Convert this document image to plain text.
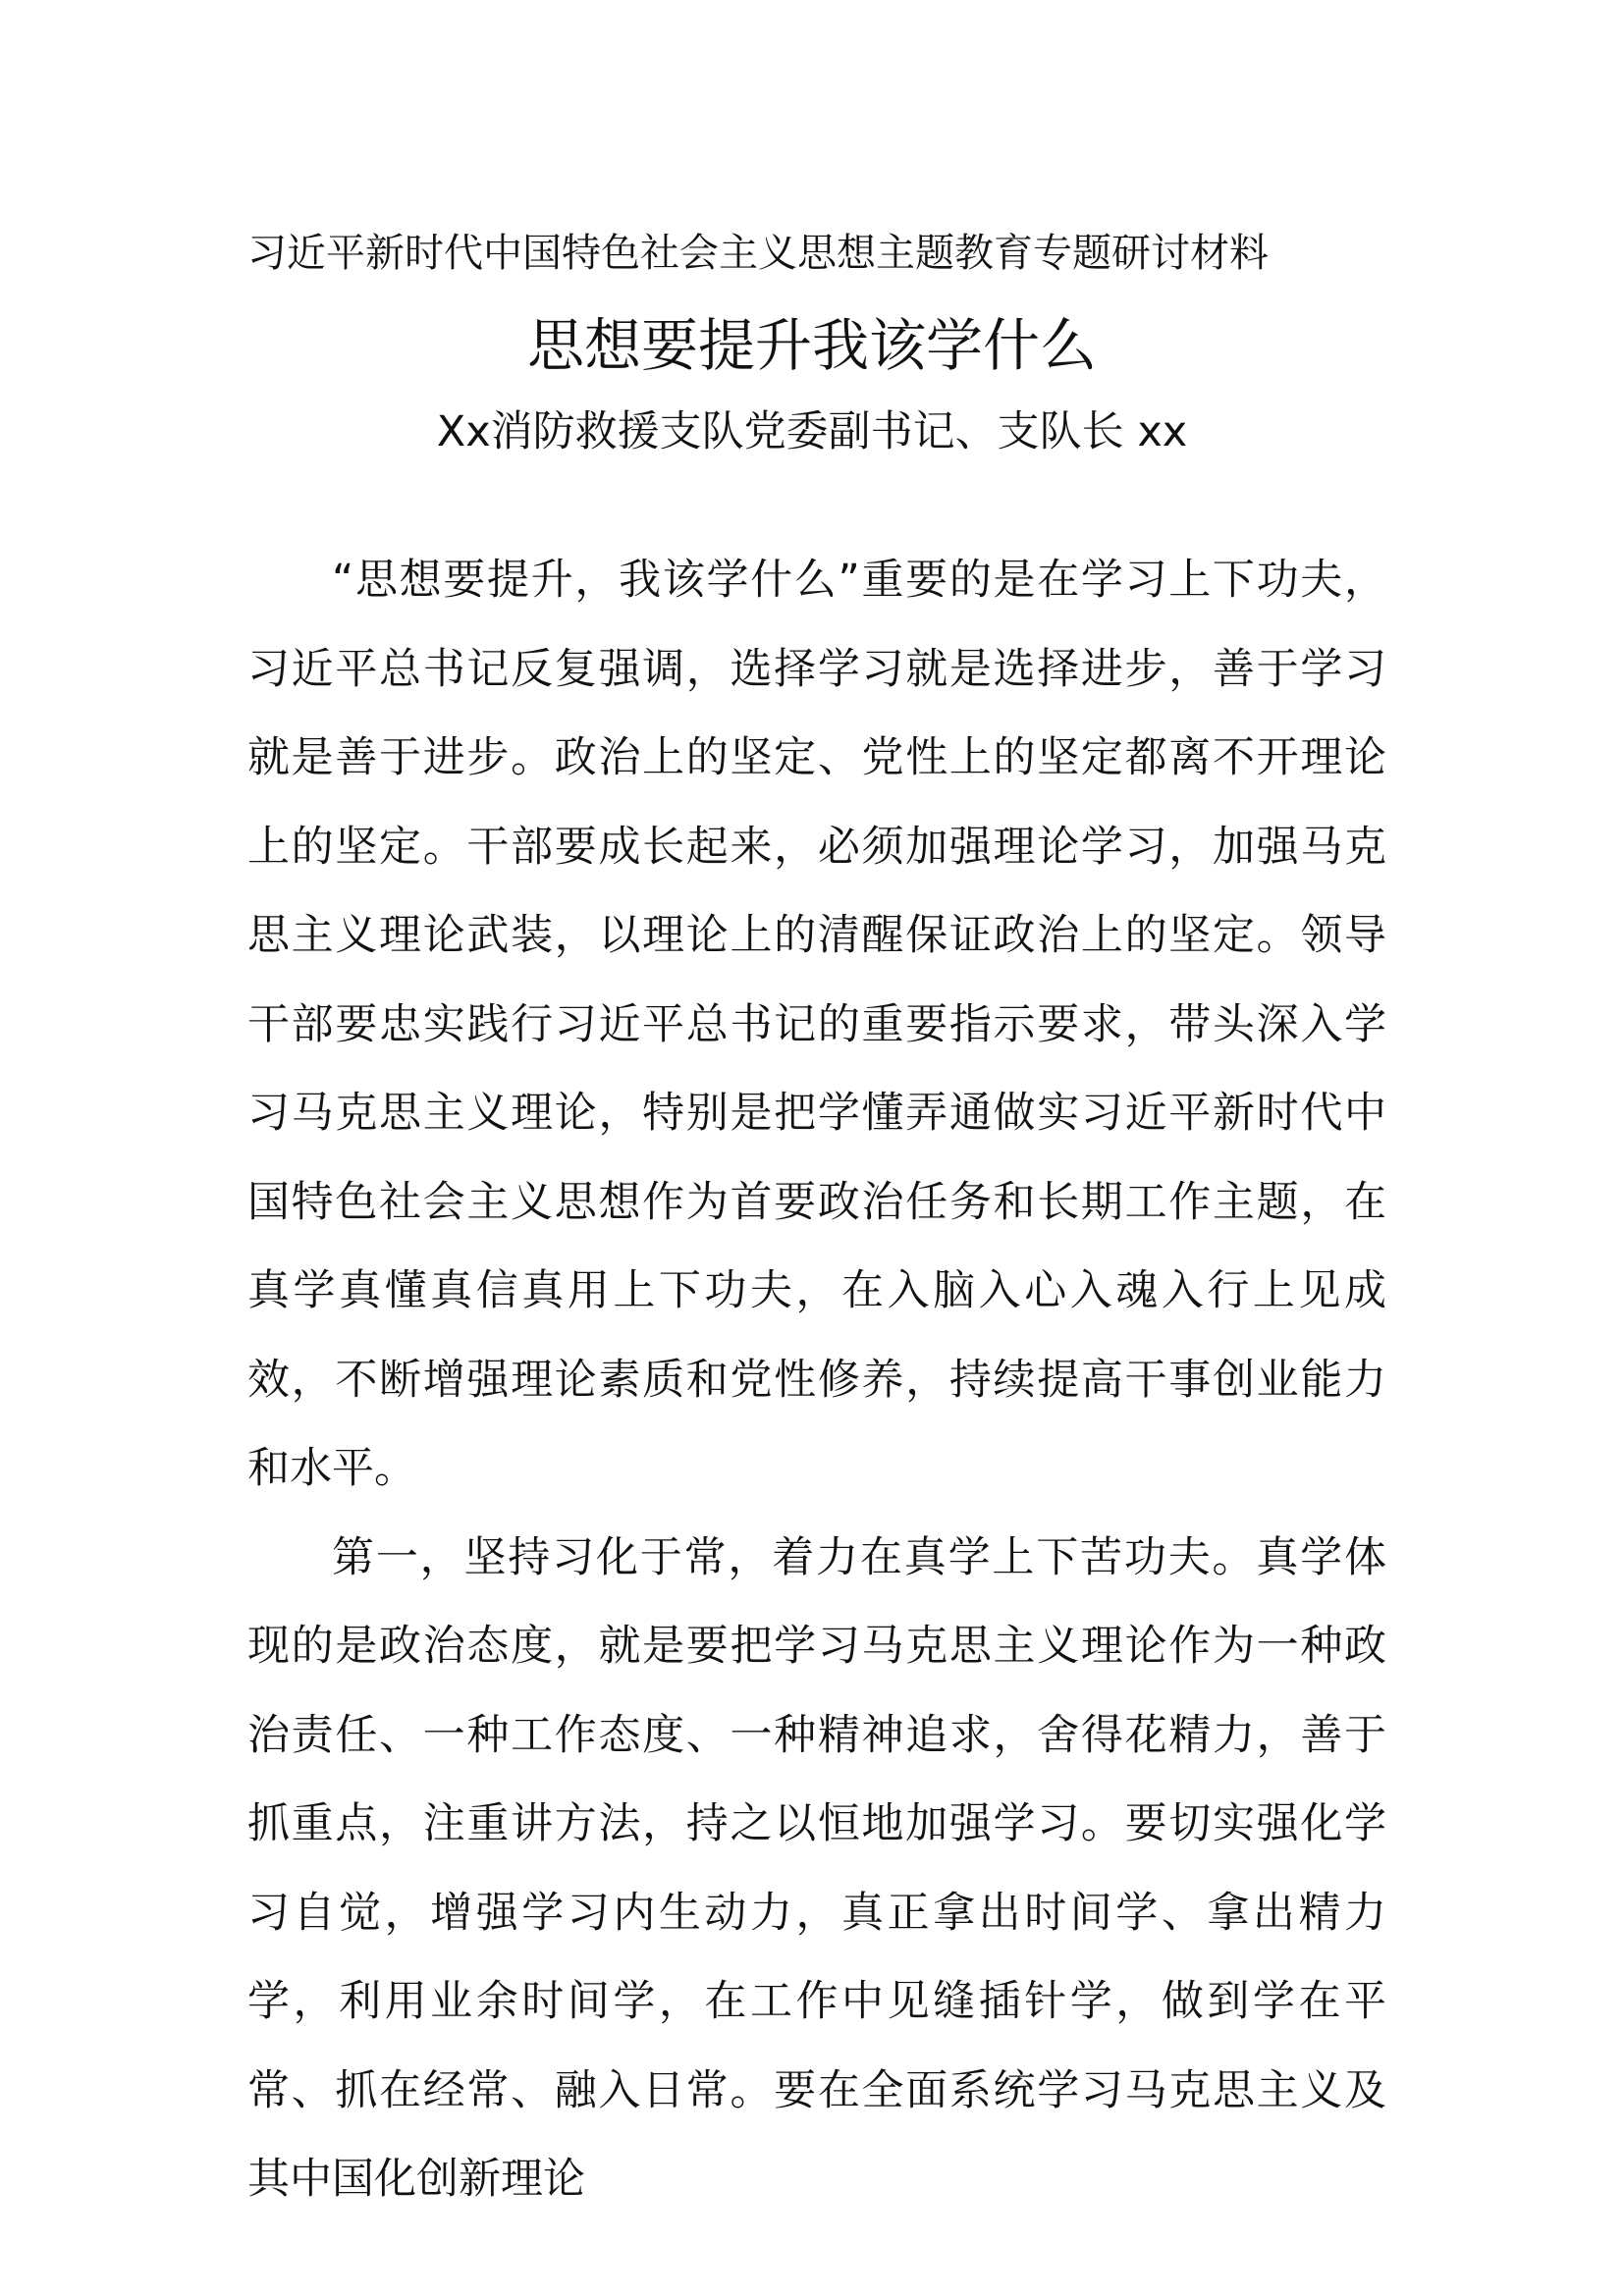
习近平新时代中国特色社会主义思想主题教育专题研讨材料
思想要提升我该学什么
Xx消防救援支队党委副书记、支队长 xx

“思想要提升，我该学什么”重要的是在学习上下功夫，习近平总书记反复强调，选择学习就是选择进步，善于学习就是善于进步。政治上的坚定、党性上的坚定都离不开理论上的坚定。干部要成长起来，必须加强理论学习，加强马克思主义理论武装，以理论上的清醒保证政治上的坚定。领导干部要忠实践行习近平总书记的重要指示要求，带头深入学习马克思主义理论，特别是把学懂弄通做实习近平新时代中国特色社会主义思想作为首要政治任务和长期工作主题，在真学真懂真信真用上下功夫，在入脑入心入魂入行上见成效，不断增强理论素质和党性修养，持续提高干事创业能力和水平。

第一，坚持习化于常，着力在真学上下苦功夫。真学体现的是政治态度，就是要把学习马克思主义理论作为一种政治责任、一种工作态度、一种精神追求，舍得花精力，善于抓重点，注重讲方法，持之以恒地加强学习。要切实强化学习自觉，增强学习内生动力，真正拿出时间学、拿出精力学，利用业余时间学，在工作中见缝插针学，做到学在平常、抓在经常、融入日常。要在全面系统学习马克思主义及其中国化创新理论
